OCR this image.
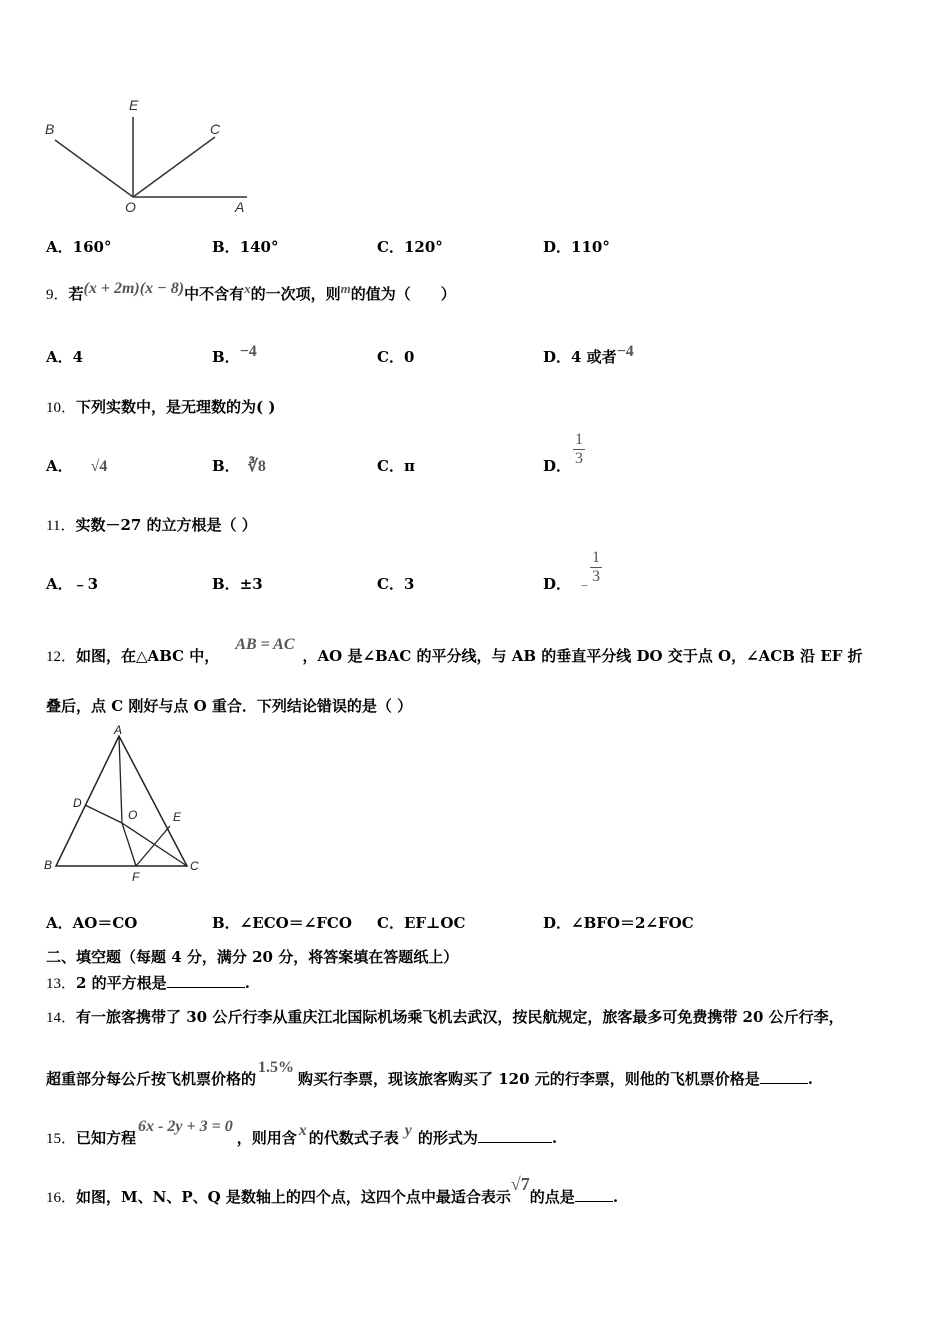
B
E
C
O	A
A．160°	B．140°	C．120°	D．110°
9．若(x + 2m)(x − 8)中不含有x的一次项，则m的值为（　　）
A．4	B．−4	C．0	D．4 或者−4
10．下列实数中，是无理数的为( )
A． √4	B． ∛8	C．π	D．
1
3
11．实数－27 的立方根是（ ）
A．﹣3	B．±3	C．3	D． ﹣
1
3
12．如图，在△ABC 中，AB = AC，AO 是∠BAC 的平分线，与 AB 的垂直平分线 DO 交于点 O，∠ACB 沿 EF 折
叠后，点 C 刚好与点 O 重合．下列结论错误的是（ ）
A
D
O	E
B
F
C
A．AO＝CO	B．∠ECO＝∠FCO C．EF⊥OC	D．∠BFO＝2∠FOC
二、填空题（每题 4 分，满分 20 分，将答案填在答题纸上）
13．2 的平方根是	.
14．有一旅客携带了 30 公斤行李从重庆江北国际机场乘飞机去武汉，按民航规定，旅客最多可免费携带 20 公斤行李，
超重部分每公斤按飞机票价格的1.5%购买行李票，现该旅客购买了 120 元的行李票，则他的飞机票价格是	.
15．已知方程6x - 2y + 3 = 0，则用含 x 的代数式子表 y 的形式为	.
16．如图，M、N、P、Q 是数轴上的四个点，这四个点中最适合表示√7的点是	.
